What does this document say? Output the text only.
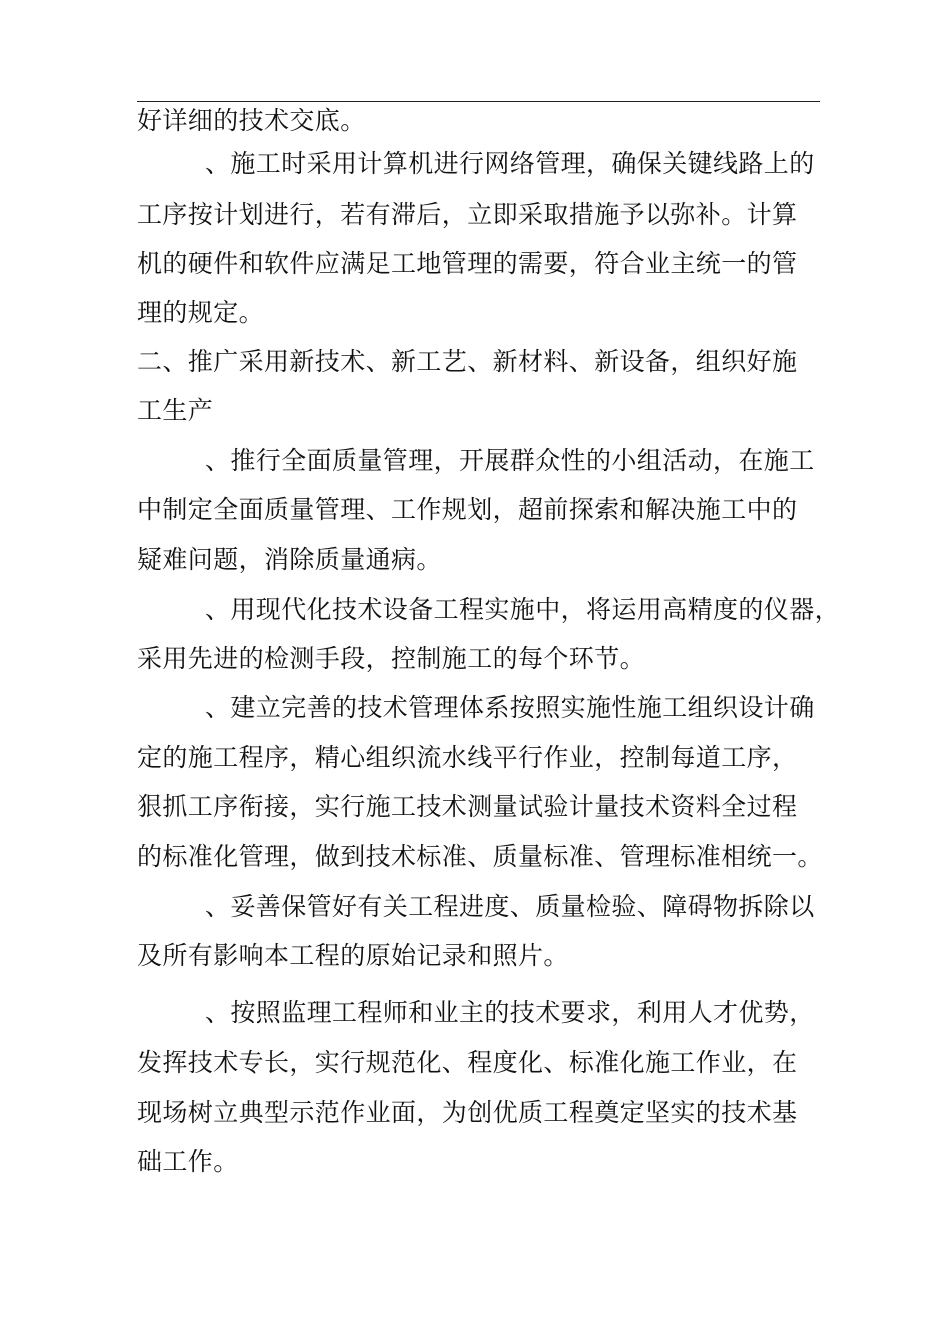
好详细的技术交底。
、施工时采用计算机进行网络管理，确保关键线路上的
工序按计划进行，若有滞后，立即采取措施予以弥补。计算
机的硬件和软件应满足工地管理的需要，符合业主统一的管
理的规定。
二、推广采用新技术、新工艺、新材料、新设备，组织好施
工生产
、推行全面质量管理，开展群众性的小组活动，在施工
中制定全面质量管理、工作规划，超前探索和解决施工中的
疑难问题，消除质量通病。
、用现代化技术设备工程实施中，将运用高精度的仪器，
采用先进的检测手段，控制施工的每个环节。
、建立完善的技术管理体系按照实施性施工组织设计确
定的施工程序，精心组织流水线平行作业，控制每道工序，
狠抓工序衔接，实行施工技术测量试验计量技术资料全过程
的标准化管理，做到技术标准、质量标准、管理标准相统一。
、妥善保管好有关工程进度、质量检验、障碍物拆除以
及所有影响本工程的原始记录和照片。
、按照监理工程师和业主的技术要求，利用人才优势，
发挥技术专长，实行规范化、程度化、标准化施工作业，在
现场树立典型示范作业面，为创优质工程奠定坚实的技术基
础工作。
